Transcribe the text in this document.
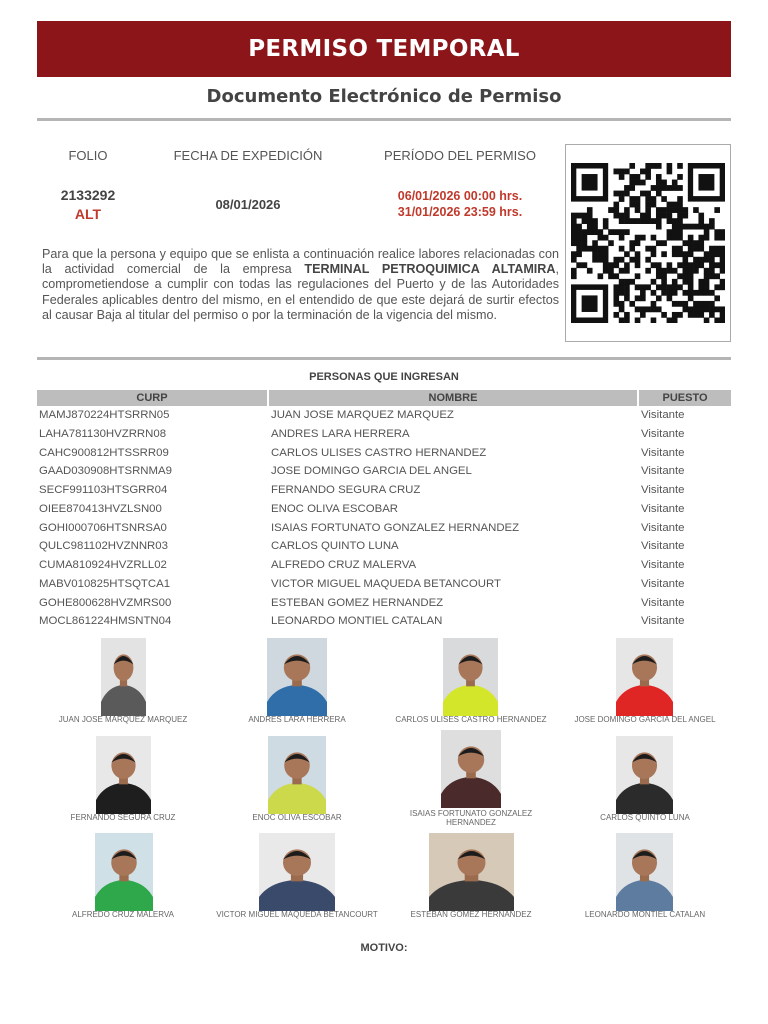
PERMISO TEMPORAL
Documento Electrónico de Permiso
FOLIO	FECHA DE EXPEDICIÓN	PERÍODO DEL PERMISO
2133292
ALT
08/01/2026
06/01/2026 00:00 hrs.
31/01/2026 23:59 hrs.
Para que la persona y equipo que se enlista a continuación realice labores relacionadas con la actividad comercial de la empresa TERMINAL PETROQUIMICA ALTAMIRA, comprometiendose a cumplir con todas las regulaciones del Puerto y de las Autoridades Federales aplicables dentro del mismo, en el entendido de que este dejará de surtir efectos al causar Baja al titular del permiso o por la terminación de la vigencia del mismo.
PERSONAS QUE INGRESAN
CURP	NOMBRE	PUESTO
MAMJ870224HTSRRN05	JUAN JOSE MARQUEZ MARQUEZ	Visitante
LAHA781130HVZRRN08	ANDRES LARA HERRERA	Visitante
CAHC900812HTSSRR09	CARLOS ULISES CASTRO HERNANDEZ	Visitante
GAAD030908HTSRNMA9	JOSE DOMINGO GARCIA DEL ANGEL	Visitante
SECF991103HTSGRR04	FERNANDO SEGURA CRUZ	Visitante
OIEE870413HVZLSN00	ENOC OLIVA ESCOBAR	Visitante
GOHI000706HTSNRSA0	ISAIAS FORTUNATO GONZALEZ HERNANDEZ	Visitante
QULC981102HVZNNR03	CARLOS QUINTO LUNA	Visitante
CUMA810924HVZRLL02	ALFREDO CRUZ MALERVA	Visitante
MABV010825HTSQTCA1	VICTOR MIGUEL MAQUEDA BETANCOURT	Visitante
GOHE800628HVZMRS00	ESTEBAN GOMEZ HERNANDEZ	Visitante
MOCL861224HMSNTN04	LEONARDO MONTIEL CATALAN	Visitante
JUAN JOSE MARQUEZ MARQUEZ	ANDRES LARA HERRERA	CARLOS ULISES CASTRO HERNANDEZ	JOSE DOMINGO GARCIA DEL ANGEL
FERNANDO SEGURA CRUZ	ENOC OLIVA ESCOBAR	ISAIAS FORTUNATO GONZALEZ HERNANDEZ
CARLOS QUINTO LUNA
ALFREDO CRUZ MALERVA	VICTOR MIGUEL MAQUEDA BETANCOURT	ESTEBAN GOMEZ HERNANDEZ	LEONARDO MONTIEL CATALAN
MOTIVO:
